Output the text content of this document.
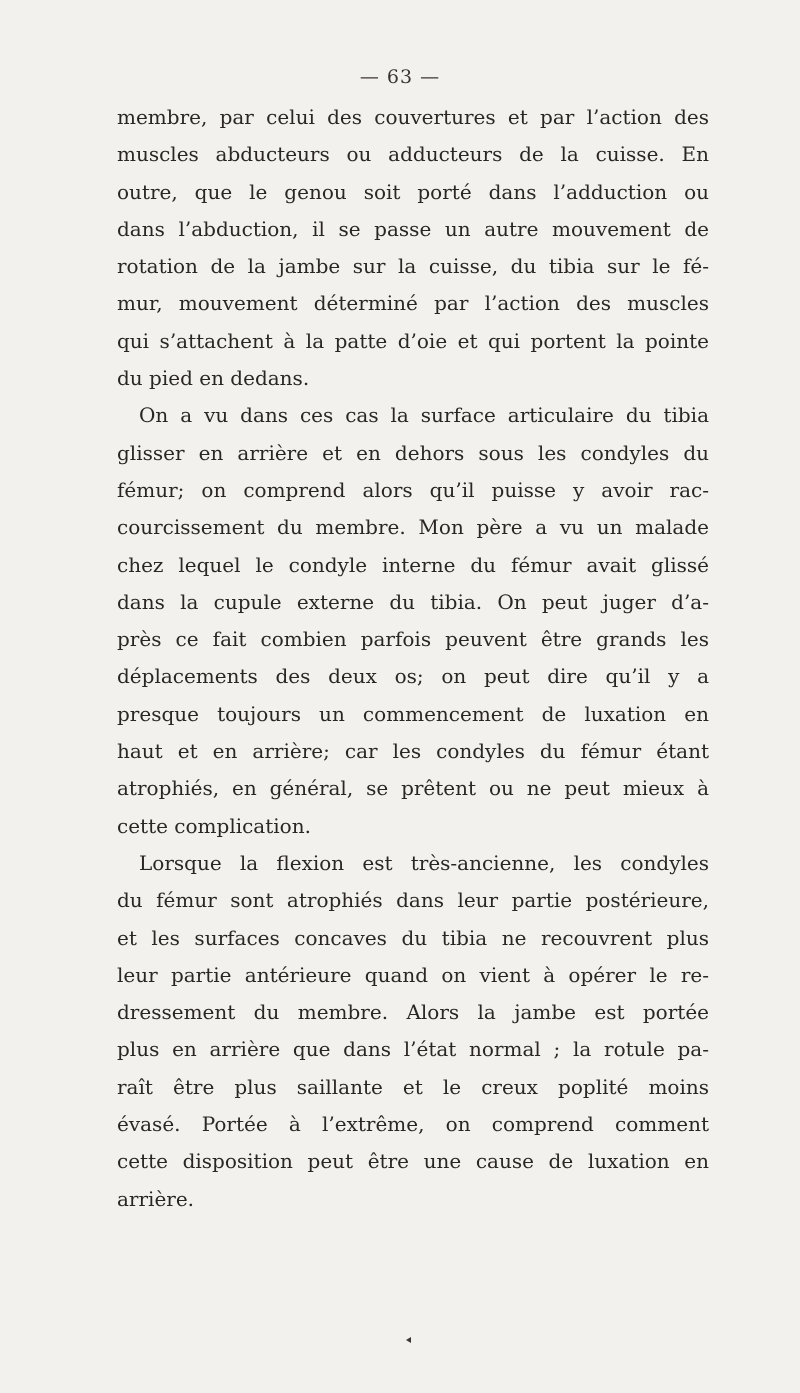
— 63 —
membre, par celui des couvertures et par l’action des
muscles abducteurs ou adducteurs de la cuisse. En
outre, que le genou soit porté dans l’adduction ou
dans l’abduction, il se passe un autre mouvement de
rotation de la jambe sur la cuisse, du tibia sur le fé-
mur, mouvement déterminé par l’action des muscles
qui s’attachent à la patte d’oie et qui portent la pointe
du pied en dedans.
On a vu dans ces cas la surface articulaire du tibia
glisser en arrière et en dehors sous les condyles du
fémur; on comprend alors qu’il puisse y avoir rac-
courcissement du membre. Mon père a vu un malade
chez lequel le condyle interne du fémur avait glissé
dans la cupule externe du tibia. On peut juger d’a-
près ce fait combien parfois peuvent être grands les
déplacements des deux os; on peut dire qu’il y a
presque toujours un commencement de luxation en
haut et en arrière; car les condyles du fémur étant
atrophiés, en général, se prêtent ou ne peut mieux à
cette complication.
Lorsque la flexion est très-ancienne, les condyles
du fémur sont atrophiés dans leur partie postérieure,
et les surfaces concaves du tibia ne recouvrent plus
leur partie antérieure quand on vient à opérer le re-
dressement du membre. Alors la jambe est portée
plus en arrière que dans l’état normal ; la rotule pa-
raît être plus saillante et le creux poplité moins
évasé. Portée à l’extrême, on comprend comment
cette disposition peut être une cause de luxation en
arrière.
